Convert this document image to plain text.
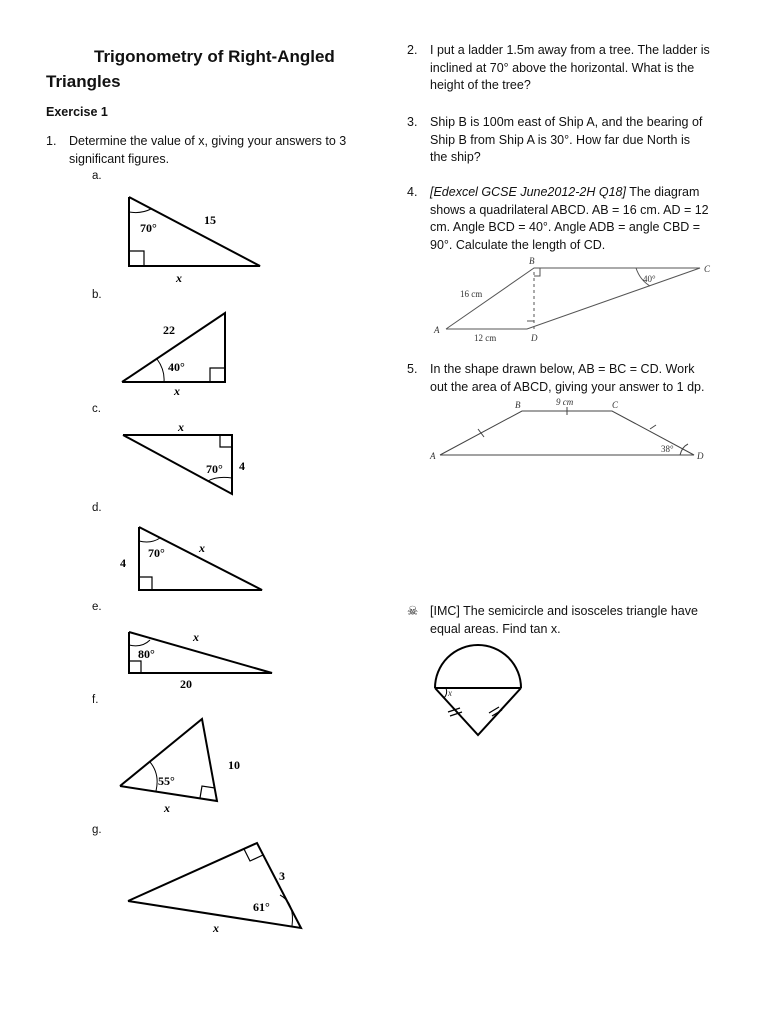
Trigonometry of Right-Angled
Triangles
Exercise 1
1. Determine the value of x, giving your answers to 3
significant figures.
a.
b.
c.
d.
e.
f.
g.
70°
15
x
22
40°
x
x
70° 4
70°	x
4
80°
x
20
10
55°
x
3
61°
x
2. I put a ladder 1.5m away from a tree. The ladder is
inclined at 70° above the horizontal. What is the
height of the tree?
3. Ship B is 100m east of Ship A, and the bearing of
Ship B from Ship A is 30°. How far due North is
the ship?
4. [Edexcel GCSE June2012-2H Q18] The diagram
shows a quadrilateral ABCD. AB = 16 cm. AD = 12
cm. Angle BCD = 40°. Angle ADB = angle CBD =
90°. Calculate the length of CD.
5. In the shape drawn below, AB = BC = CD. Work
out the area of ABCD, giving your answer to 1 dp.
☠ [IMC] The semicircle and isosceles triangle have
equal areas. Find tan x.
B
C
A
D
16 cm
12 cm
40°
B	9 cm	C
A	D
38°
x
